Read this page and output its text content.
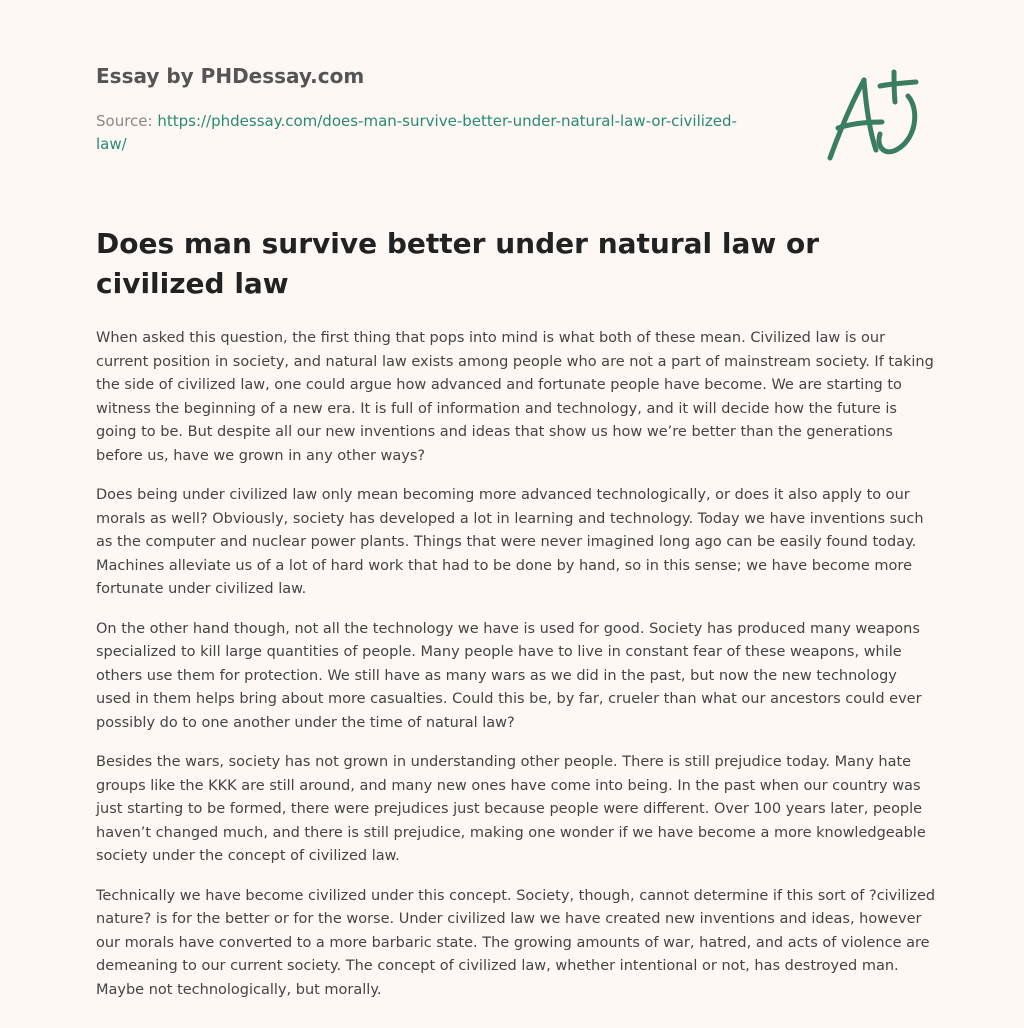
Essay by PHDessay.com
Source: https://phdessay.com/does-man-survive-better-under-natural-law-or-civilized-law/
Does man survive better under natural law or civilized law

When asked this question, the first thing that pops into mind is what both of these mean. Civilized law is our current position in society, and natural law exists among people who are not a part of mainstream society. If taking the side of civilized law, one could argue how advanced and fortunate people have become. We are starting to witness the beginning of a new era. It is full of information and technology, and it will decide how the future is going to be. But despite all our new inventions and ideas that show us how we’re better than the generations before us, have we grown in any other ways?

Does being under civilized law only mean becoming more advanced technologically, or does it also apply to our morals as well? Obviously, society has developed a lot in learning and technology. Today we have inventions such as the computer and nuclear power plants. Things that were never imagined long ago can be easily found today. Machines alleviate us of a lot of hard work that had to be done by hand, so in this sense; we have become more fortunate under civilized law.

On the other hand though, not all the technology we have is used for good. Society has produced many weapons specialized to kill large quantities of people. Many people have to live in constant fear of these weapons, while others use them for protection. We still have as many wars as we did in the past, but now the new technology used in them helps bring about more casualties. Could this be, by far, crueler than what our ancestors could ever possibly do to one another under the time of natural law?

Besides the wars, society has not grown in understanding other people. There is still prejudice today. Many hate groups like the KKK are still around, and many new ones have come into being. In the past when our country was just starting to be formed, there were prejudices just because people were different. Over 100 years later, people haven’t changed much, and there is still prejudice, making one wonder if we have become a more knowledgeable society under the concept of civilized law.

Technically we have become civilized under this concept. Society, though, cannot determine if this sort of ?civilized nature? is for the better or for the worse. Under civilized law we have created new inventions and ideas, however our morals have converted to a more barbaric state. The growing amounts of war, hatred, and acts of violence are demeaning to our current society. The concept of civilized law, whether intentional or not, has destroyed man. Maybe not technologically, but morally.
